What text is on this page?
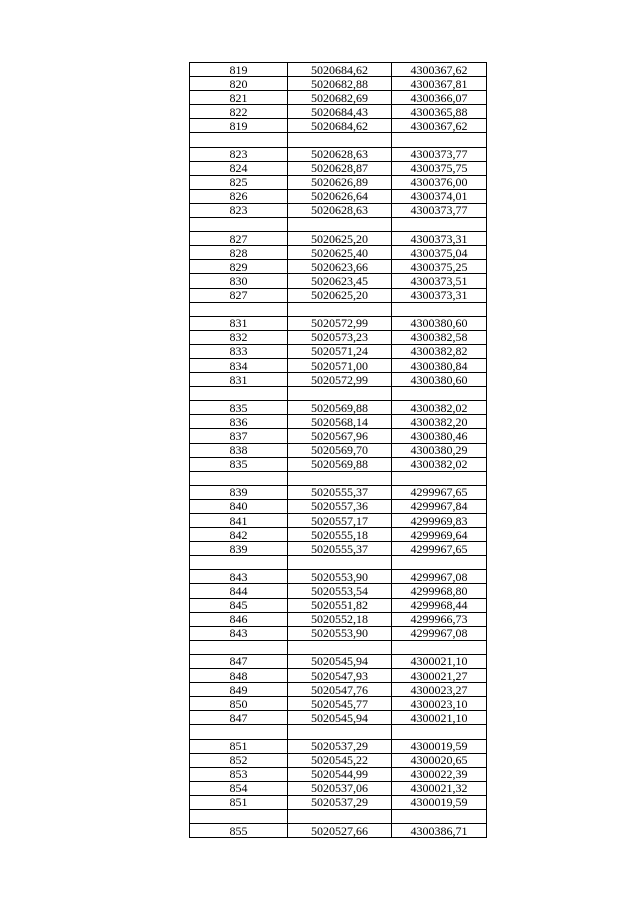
819	5020684,62	4300367,62
820	5020682,88	4300367,81
821	5020682,69	4300366,07
822	5020684,43	4300365,88
819	5020684,62	4300367,62

823	5020628,63	4300373,77
824	5020628,87	4300375,75
825	5020626,89	4300376,00
826	5020626,64	4300374,01
823	5020628,63	4300373,77

827	5020625,20	4300373,31
828	5020625,40	4300375,04
829	5020623,66	4300375,25
830	5020623,45	4300373,51
827	5020625,20	4300373,31

831	5020572,99	4300380,60
832	5020573,23	4300382,58
833	5020571,24	4300382,82
834	5020571,00	4300380,84
831	5020572,99	4300380,60

835	5020569,88	4300382,02
836	5020568,14	4300382,20
837	5020567,96	4300380,46
838	5020569,70	4300380,29
835	5020569,88	4300382,02

839	5020555,37	4299967,65
840	5020557,36	4299967,84
841	5020557,17	4299969,83
842	5020555,18	4299969,64
839	5020555,37	4299967,65

843	5020553,90	4299967,08
844	5020553,54	4299968,80
845	5020551,82	4299968,44
846	5020552,18	4299966,73
843	5020553,90	4299967,08

847	5020545,94	4300021,10
848	5020547,93	4300021,27
849	5020547,76	4300023,27
850	5020545,77	4300023,10
847	5020545,94	4300021,10

851	5020537,29	4300019,59
852	5020545,22	4300020,65
853	5020544,99	4300022,39
854	5020537,06	4300021,32
851	5020537,29	4300019,59

855	5020527,66	4300386,71
